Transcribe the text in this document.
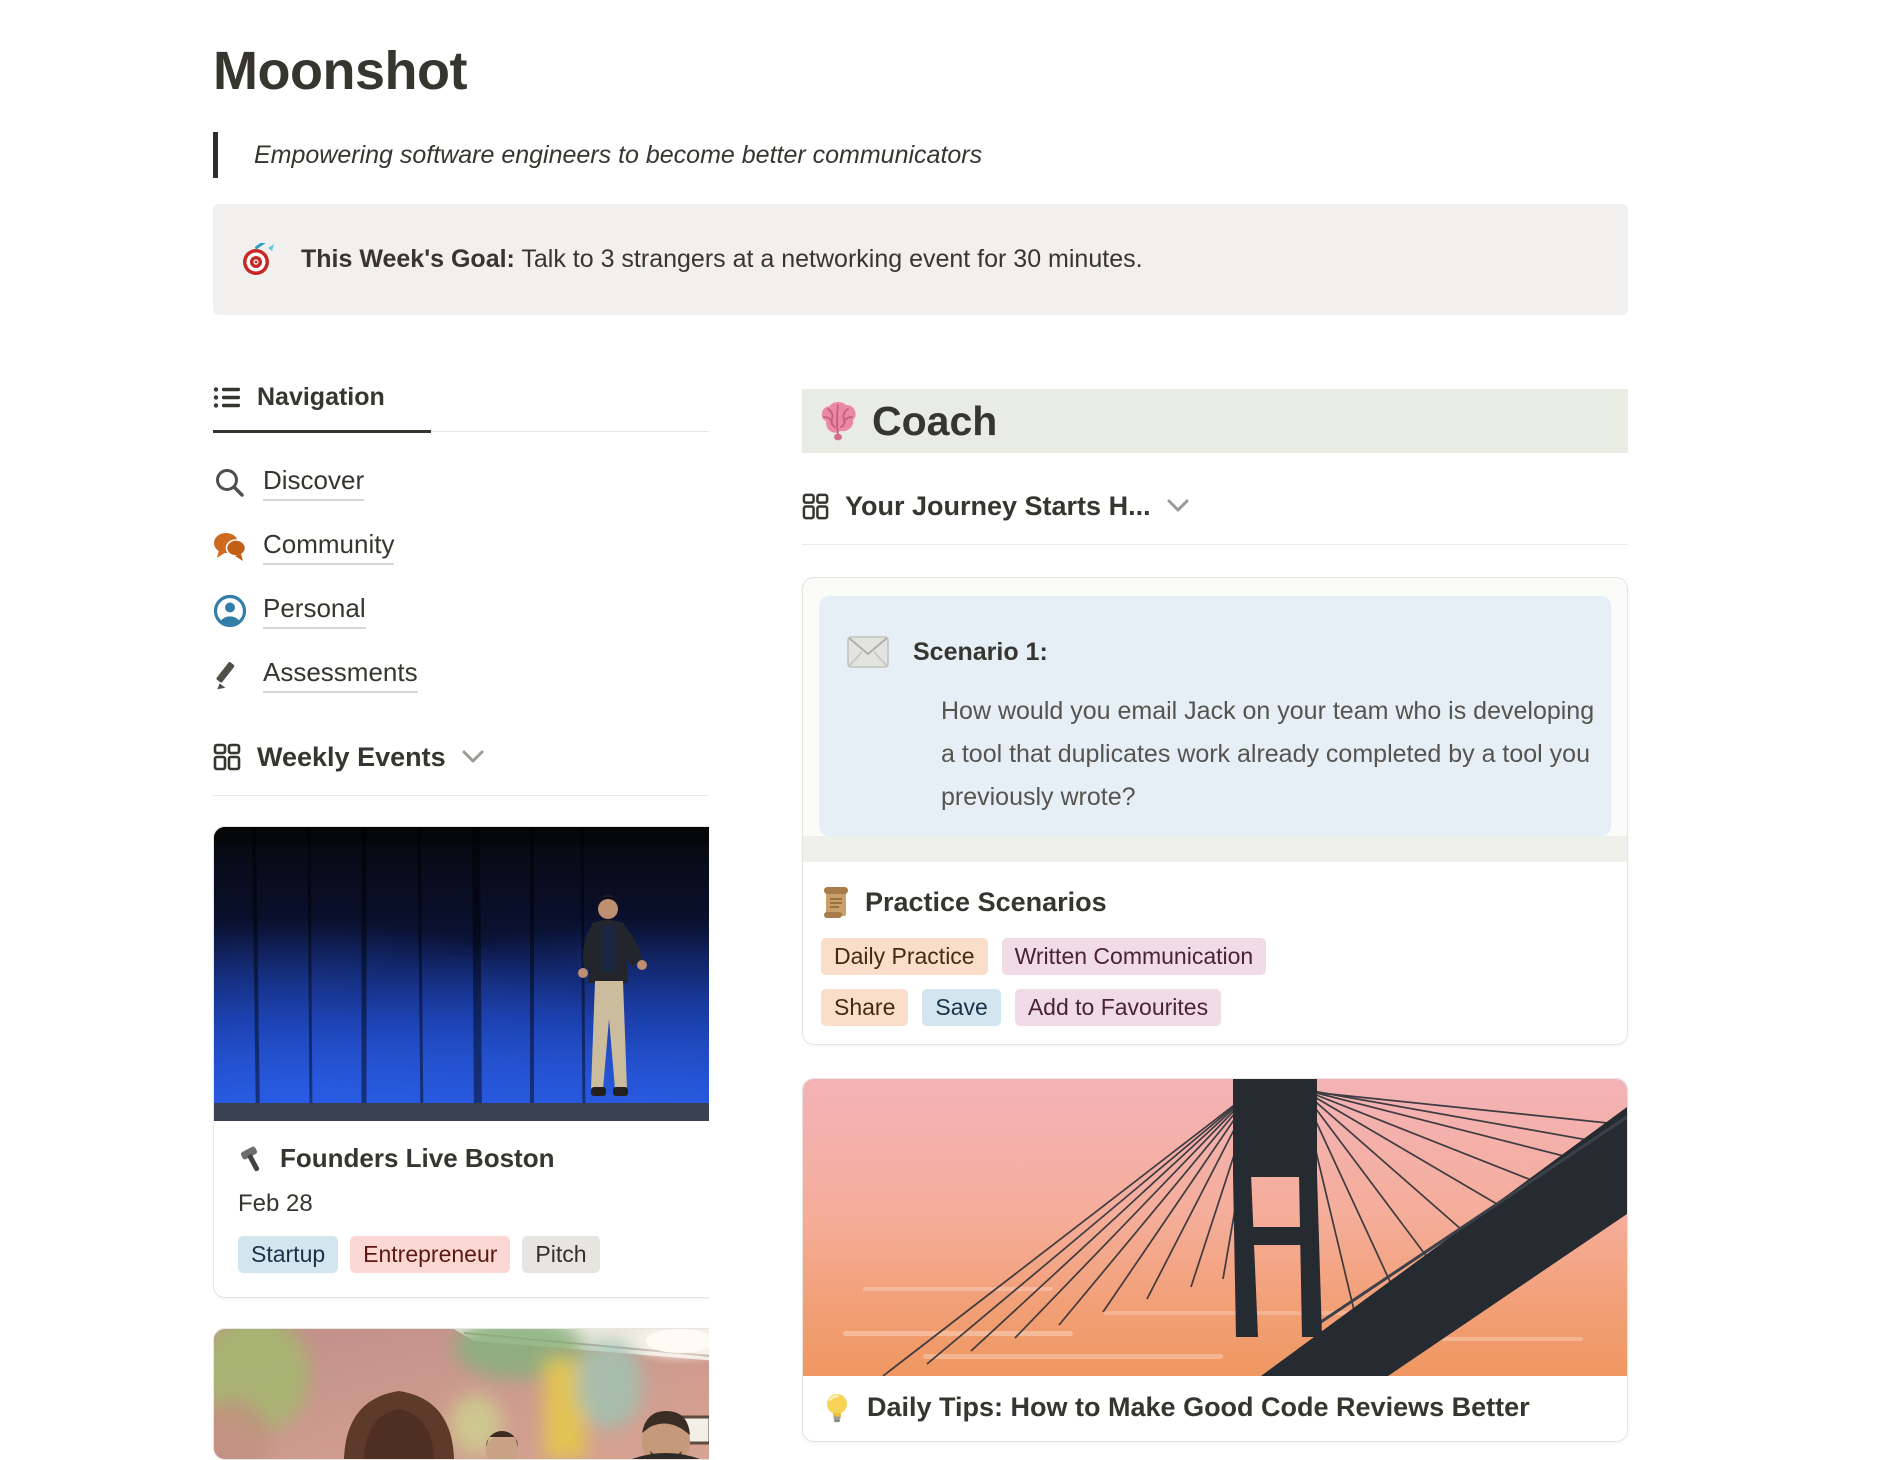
Moonshot
Empowering software engineers to become better communicators
This Week's Goal: Talk to 3 strangers at a networking event for 30 minutes.
Navigation
Discover
Community
Personal
Assessments
Weekly Events
Founders Live Boston
Feb 28
Startup	Entrepreneur	Pitch
Coach
Your Journey Starts H...
Scenario 1:
How would you email Jack on your team who is developing a tool that duplicates work already completed by a tool you previously wrote?
Practice Scenarios
Daily Practice	Written Communication
Share	Save	Add to Favourites
Daily Tips: How to Make Good Code Reviews Better
